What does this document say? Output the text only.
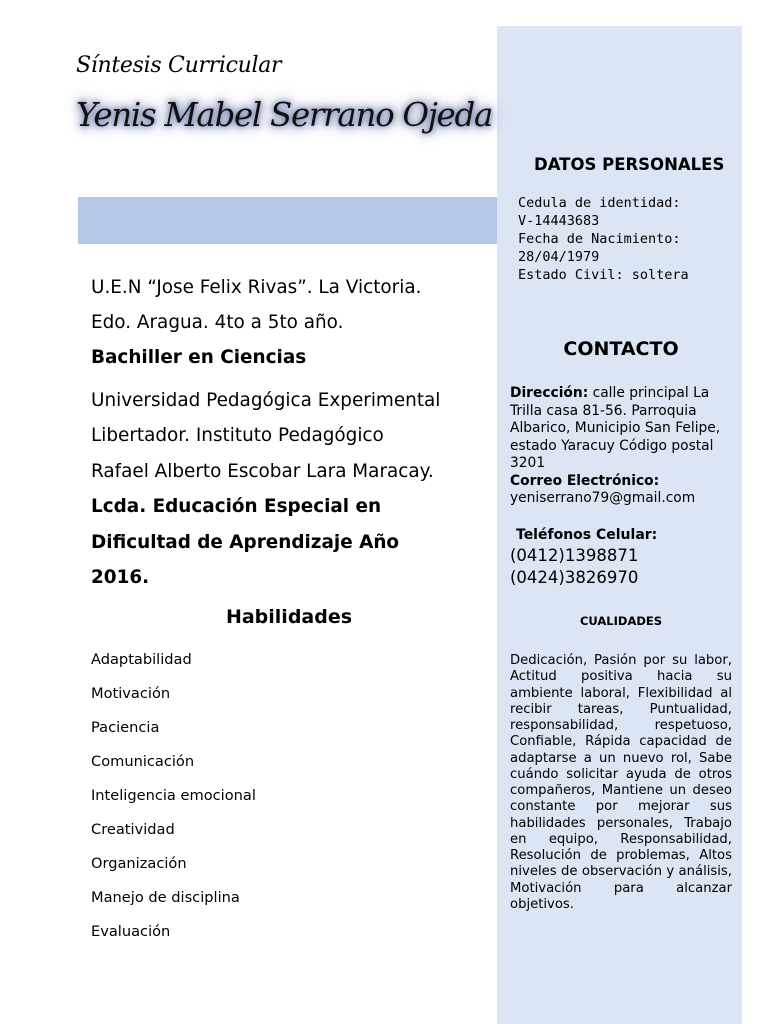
Síntesis Curricular
Yenis Mabel Serrano Ojeda
U.E.N “Jose Felix Rivas”. La Victoria.
Edo. Aragua. 4to a 5to año.
Bachiller en Ciencias
Universidad Pedagógica Experimental
Libertador. Instituto Pedagógico
Rafael Alberto Escobar Lara Maracay.
Lcda. Educación Especial en
Dificultad de Aprendizaje Año
2016.
Habilidades
Adaptabilidad
Motivación
Paciencia
Comunicación
Inteligencia emocional
Creatividad
Organización
Manejo de disciplina
Evaluación
DATOS PERSONALES
Cedula de identidad:
V-14443683
Fecha de Nacimiento:
28/04/1979
Estado Civil: soltera
CONTACTO
Dirección: calle principal La Trilla casa 81-56. Parroquia Albarico, Municipio San Felipe, estado Yaracuy Código postal 3201
Correo Electrónico:
yeniserrano79@gmail.com
Teléfonos Celular:
(0412)1398871
(0424)3826970
CUALIDADES
Dedicación, Pasión por su labor, Actitud positiva hacia su ambiente laboral, Flexibilidad al recibir tareas, Puntualidad, responsabilidad, respetuoso, Confiable, Rápida capacidad de adaptarse a un nuevo rol, Sabe cuándo solicitar ayuda de otros compañeros, Mantiene un deseo constante por mejorar sus habilidades personales, Trabajo en equipo, Responsabilidad, Resolución de problemas, Altos niveles de observación y análisis, Motivación para alcanzar objetivos.
